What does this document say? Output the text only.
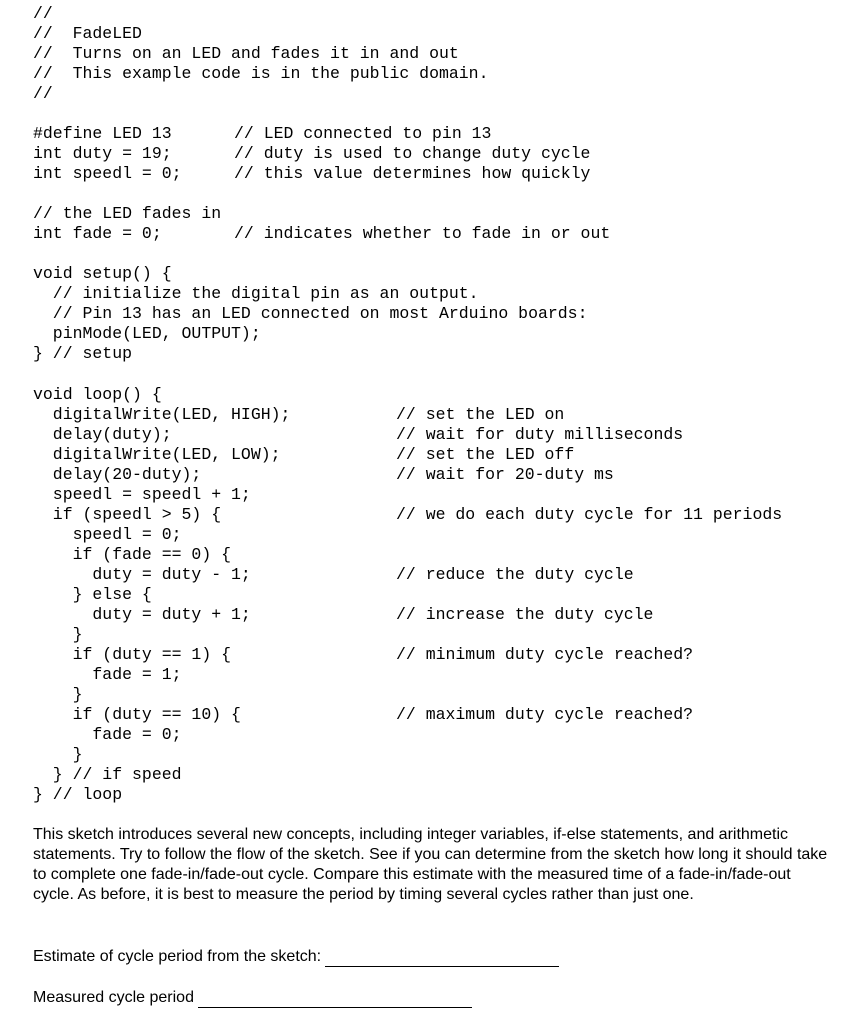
//
//  FadeLED
//  Turns on an LED and fades it in and out
//  This example code is in the public domain.
//
#define LED 13	// LED connected to pin 13
int duty = 19;	// duty is used to change duty cycle
int speedl = 0;	// this value determines how quickly
// the LED fades in
int fade = 0;	// indicates whether to fade in or out
void setup() {
// initialize the digital pin as an output.
// Pin 13 has an LED connected on most Arduino boards:
pinMode(LED, OUTPUT);
} // setup
void loop() {
digitalWrite(LED, HIGH);	// set the LED on
delay(duty);	// wait for duty milliseconds
digitalWrite(LED, LOW);	// set the LED off
delay(20-duty);	// wait for 20-duty ms
speedl = speedl + 1;
if (speedl > 5) {	// we do each duty cycle for 11 periods
speedl = 0;
if (fade == 0) {
duty = duty - 1;	// reduce the duty cycle
} else {
duty = duty + 1;	// increase the duty cycle
}
if (duty == 1) {	// minimum duty cycle reached?
fade = 1;
}
if (duty == 10) {	// maximum duty cycle reached?
fade = 0;
}
} // if speed
} // loop

This sketch introduces several new concepts, including integer variables, if-else statements, and arithmetic statements. Try to follow the flow of the sketch. See if you can determine from the sketch how long it should take to complete one fade-in/fade-out cycle. Compare this estimate with the measured time of a fade-in/fade-out cycle. As before, it is best to measure the period by timing several cycles rather than just one.

Estimate of cycle period from the sketch:
Measured cycle period
